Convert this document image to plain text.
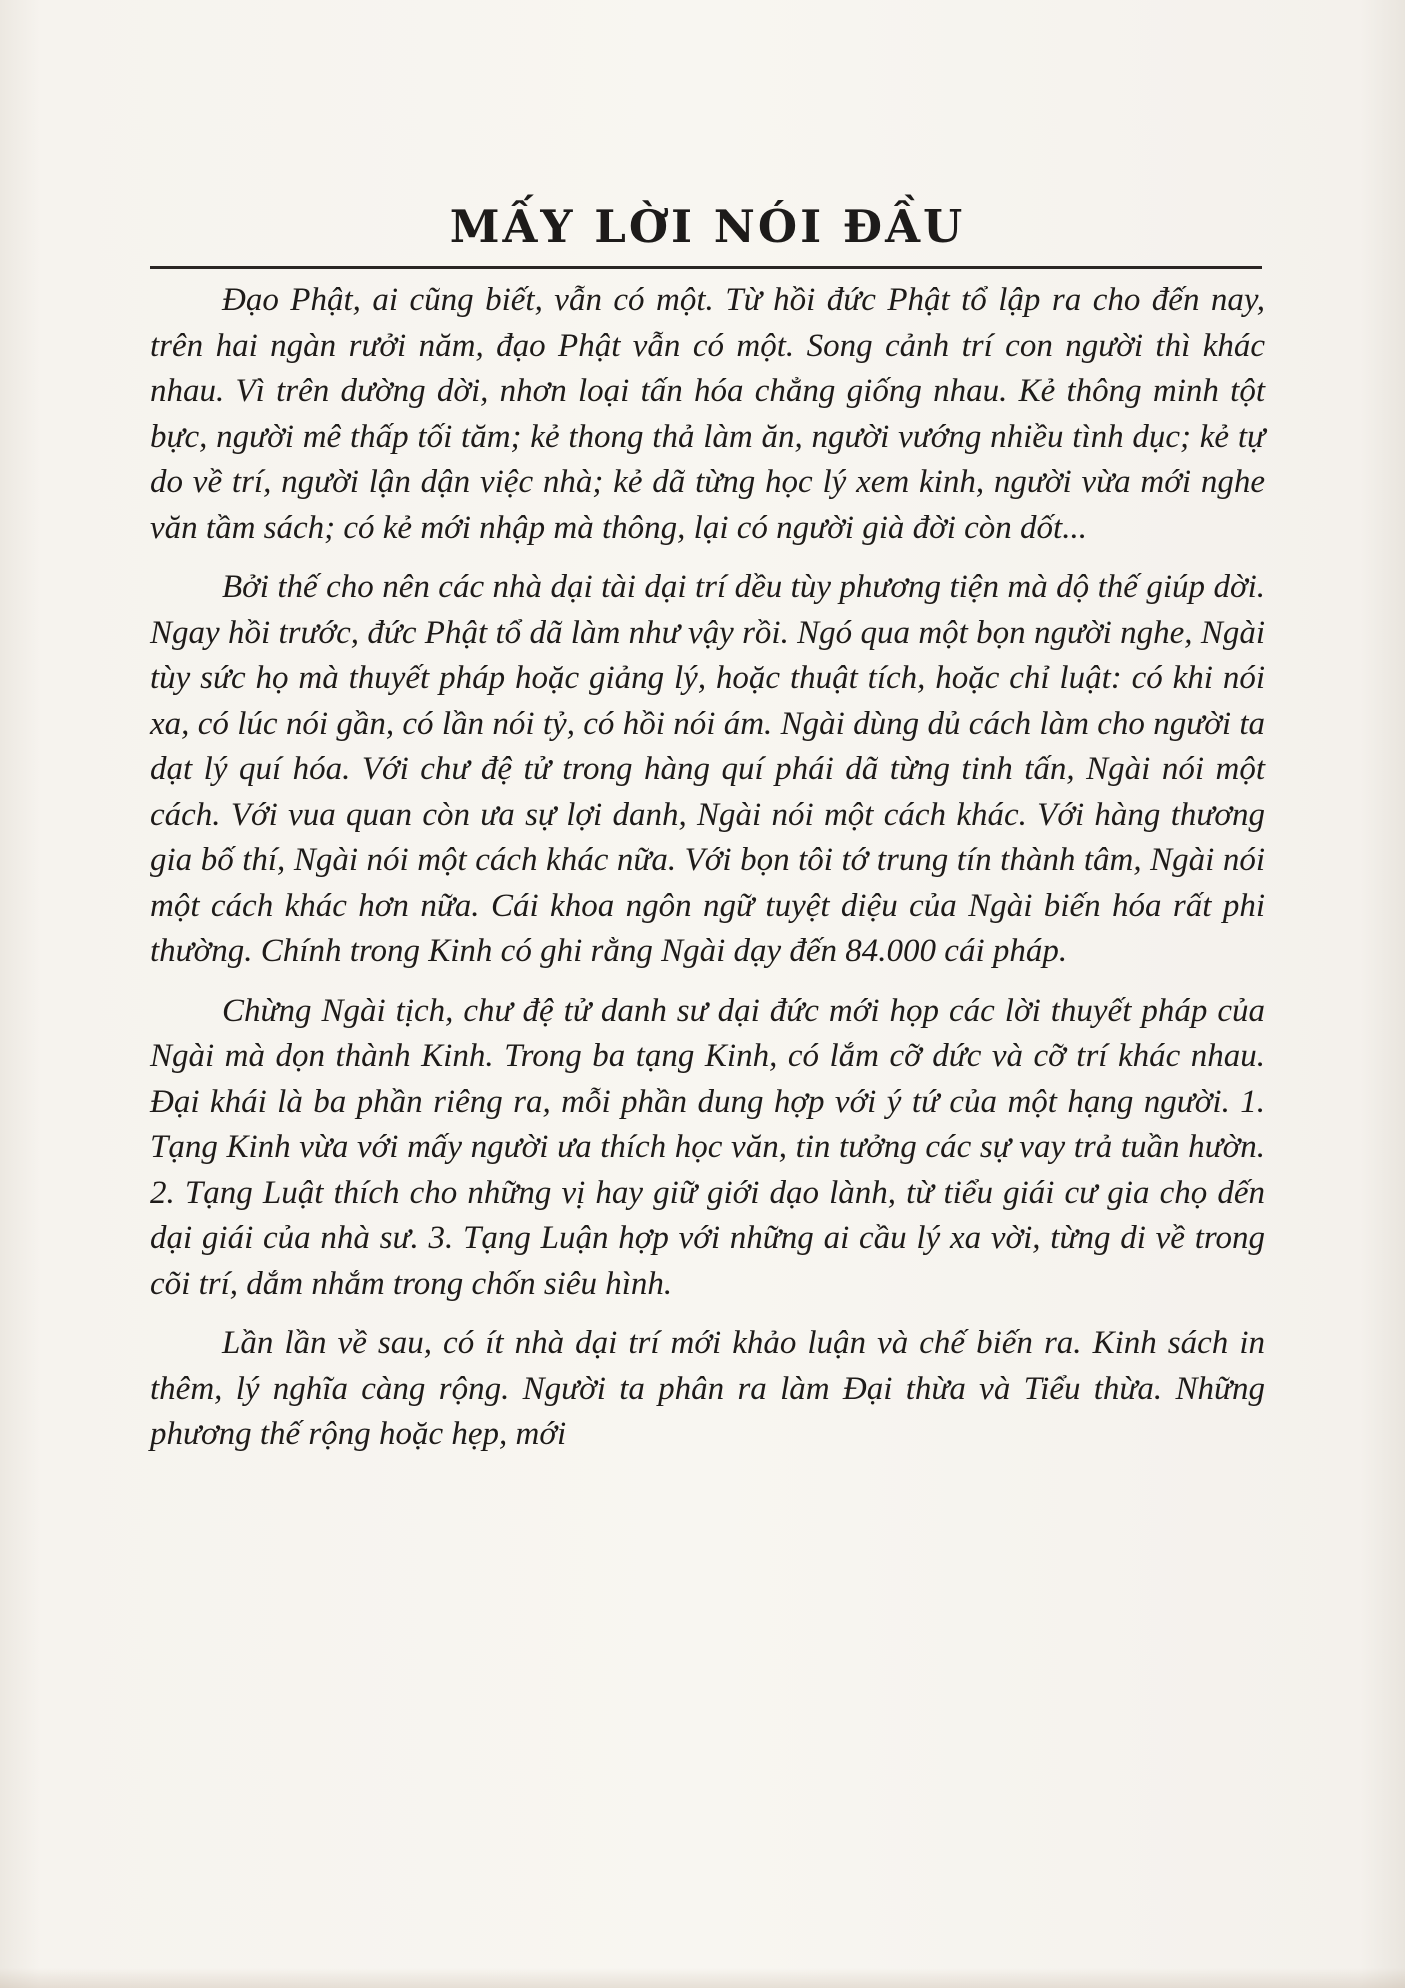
MẤY LỜI NÓI ĐẦU

Đạo Phật, ai cũng biết, vẫn có một. Từ hồi đức Phật tổ lập ra cho đến nay, trên hai ngàn rưởi năm, đạo Phật vẫn có một. Song cảnh trí con người thì khác nhau. Vì trên dường dời, nhơn loại tấn hóa chẳng giống nhau. Kẻ thông minh tột bực, người mê thấp tối tăm; kẻ thong thả làm ăn, người vướng nhiều tình dục; kẻ tự do về trí, người lận dận việc nhà; kẻ dã từng học lý xem kinh, người vừa mới nghe văn tầm sách; có kẻ mới nhập mà thông, lại có người già đời còn dốt...

Bởi thế cho nên các nhà dại tài dại trí dều tùy phương tiện mà dộ thế giúp dời. Ngay hồi trước, đức Phật tổ dã làm như vậy rồi. Ngó qua một bọn người nghe, Ngài tùy sức họ mà thuyết pháp hoặc giảng lý, hoặc thuật tích, hoặc chỉ luật: có khi nói xa, có lúc nói gần, có lần nói tỷ, có hồi nói ám. Ngài dùng dủ cách làm cho người ta dạt lý quí hóa. Với chư đệ tử trong hàng quí phái dã từng tinh tấn, Ngài nói một cách. Với vua quan còn ưa sự lợi danh, Ngài nói một cách khác. Với hàng thương gia bố thí, Ngài nói một cách khác nữa. Với bọn tôi tớ trung tín thành tâm, Ngài nói một cách khác hơn nữa. Cái khoa ngôn ngữ tuyệt diệu của Ngài biến hóa rất phi thường. Chính trong Kinh có ghi rằng Ngài dạy đến 84.000 cái pháp.

Chừng Ngài tịch, chư đệ tử danh sư dại đức mới họp các lời thuyết pháp của Ngài mà dọn thành Kinh. Trong ba tạng Kinh, có lắm cỡ dức và cỡ trí khác nhau. Đại khái là ba phần riêng ra, mỗi phần dung hợp với ý tứ của một hạng người. 1. Tạng Kinh vừa với mấy người ưa thích học văn, tin tưởng các sự vay trả tuần hườn. 2. Tạng Luật thích cho những vị hay giữ giới dạo lành, từ tiểu giái cư gia chọ dến dại giái của nhà sư. 3. Tạng Luận hợp với những ai cầu lý xa vời, từng di về trong cõi trí, dắm nhắm trong chốn siêu hình.

Lần lần về sau, có ít nhà dại trí mới khảo luận và chế biến ra. Kinh sách in thêm, lý nghĩa càng rộng. Người ta phân ra làm Đại thừa và Tiểu thừa. Những phương thế rộng hoặc hẹp, mới
